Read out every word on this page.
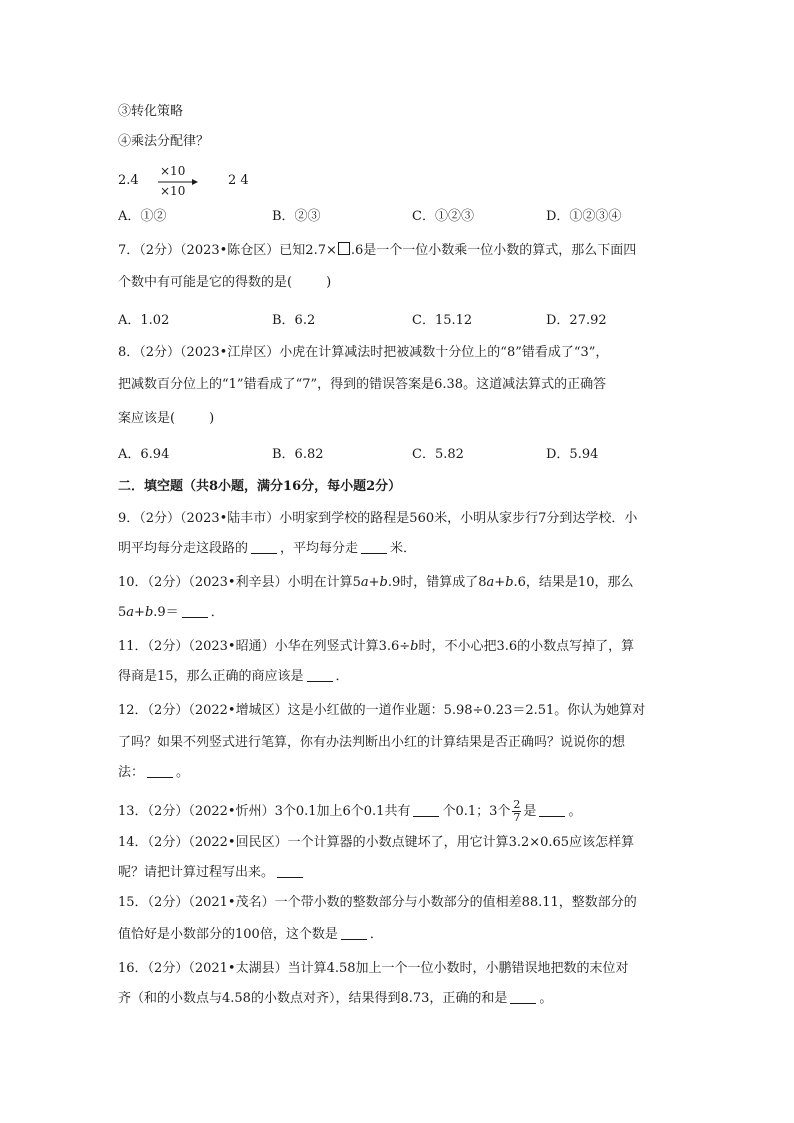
③转化策略
④乘法分配律？
2.4
×10
×10
2 4
A．①②	B．②③	C．①②③	D．①②③④
7．（2分）（2023•陈仓区）已知2.7× .6是一个一位小数乘一位小数的算式，那么下面四
个数中有可能是它的得数的是(	)
A．1.02	B．6.2	C．15.12	D．27.92
8．（2分）（2023•江岸区）小虎在计算减法时把被减数十分位上的“8”错看成了“3”，
把减数百分位上的“1”错看成了“7”，得到的错误答案是6.38。这道减法算式的正确答
案应该是(	)
A．6.94	B．6.82	C．5.82	D．5.94
二．填空题（共8小题，满分16分，每小题2分）
9．（2分）（2023•陆丰市）小明家到学校的路程是560米，小明从家步行7分到达学校．小
明平均每分走这段路的 ，平均每分走 米．
10．（2分）（2023•利辛县）小明在计算5a+b.9时，错算成了8a+b.6，结果是10，那么
5a+b.9＝ ．
11．（2分）（2023•昭通）小华在列竖式计算3.6÷b时，不小心把3.6的小数点写掉了，算
得商是15，那么正确的商应该是 ．
12．（2分）（2022•增城区）这是小红做的一道作业题：5.98÷0.23＝2.51。你认为她算对
了吗？如果不列竖式进行笔算，你有办法判断出小红的计算结果是否正确吗？说说你的想
法： 。
13．（2分）（2022•忻州）3个0.1加上6个0.1共有 个0.1；3个 $\frac{2}{7}$ 是 。
14．（2分）（2022•回民区）一个计算器的小数点键坏了，用它计算3.2×0.65应该怎样算
呢？请把计算过程写出来。
15．（2分）（2021•茂名）一个带小数的整数部分与小数部分的值相差88.11，整数部分的
值恰好是小数部分的100倍，这个数是 ．
16．（2分）（2021•太湖县）当计算4.58加上一个一位小数时，小鹏错误地把数的末位对
齐（和的小数点与4.58的小数点对齐），结果得到8.73，正确的和是 。
